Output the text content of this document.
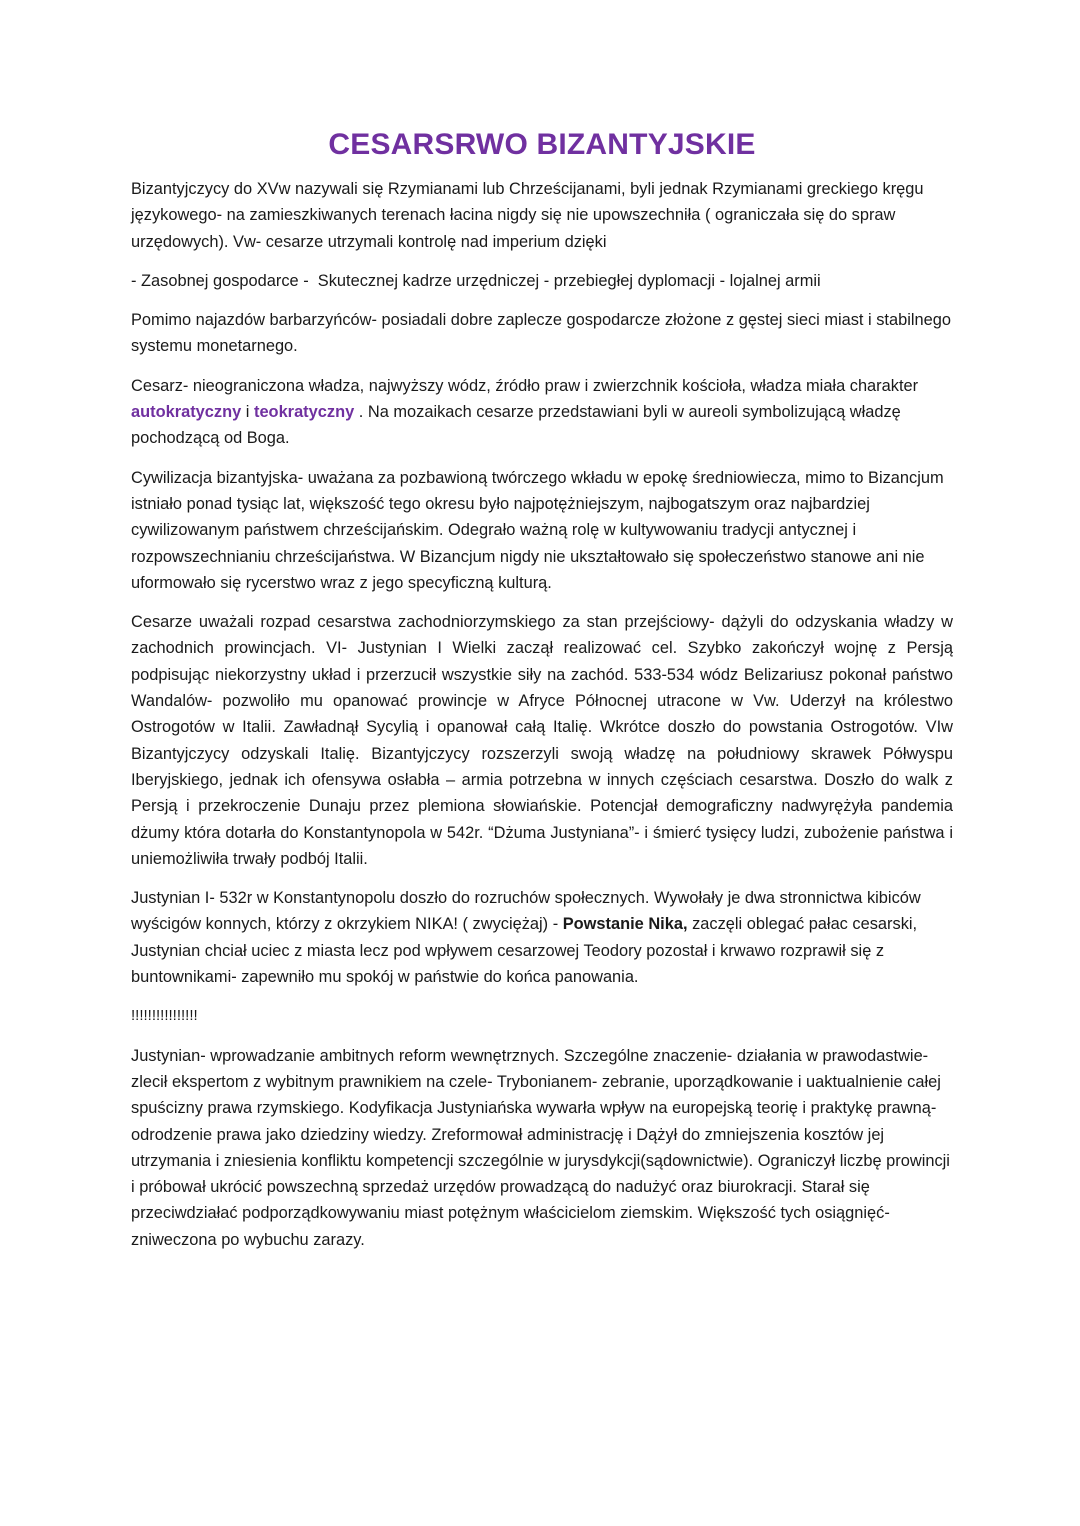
CESARSRWO BIZANTYJSKIE

Bizantyjczycy do XVw nazywali się Rzymianami lub Chrześcijanami, byli jednak Rzymianami greckiego kręgu językowego- na zamieszkiwanych terenach łacina nigdy się nie upowszechniła ( ograniczała się do spraw urzędowych). Vw- cesarze utrzymali kontrolę nad imperium dzięki

- Zasobnej gospodarce -  Skutecznej kadrze urzędniczej - przebiegłej dyplomacji - lojalnej armii

Pomimo najazdów barbarzyńców- posiadali dobre zaplecze gospodarcze złożone z gęstej sieci miast i stabilnego systemu monetarnego.

Cesarz- nieograniczona władza, najwyższy wódz, źródło praw i zwierzchnik kościoła, władza miała charakter autokratyczny i teokratyczny . Na mozaikach cesarze przedstawiani byli w aureoli symbolizującą władzę pochodzącą od Boga.

Cywilizacja bizantyjska- uważana za pozbawioną twórczego wkładu w epokę średniowiecza, mimo to Bizancjum istniało ponad tysiąc lat, większość tego okresu było najpotężniejszym, najbogatszym oraz najbardziej cywilizowanym państwem chrześcijańskim. Odegrało ważną rolę w kultywowaniu tradycji antycznej i rozpowszechnianiu chrześcijaństwa. W Bizancjum nigdy nie ukształtowało się społeczeństwo stanowe ani nie uformowało się rycerstwo wraz z jego specyficzną kulturą.

Cesarze uważali rozpad cesarstwa zachodniorzymskiego za stan przejściowy- dążyli do odzyskania władzy w zachodnich prowincjach. VI- Justynian I Wielki zaczął realizować cel. Szybko zakończył wojnę z Persją podpisując niekorzystny układ i przerzucił wszystkie siły na zachód. 533-534 wódz Belizariusz pokonał państwo Wandalów- pozwoliło mu opanować prowincje w Afryce Północnej utracone w Vw. Uderzył na królestwo Ostrogotów w Italii. Zawładnął Sycylią i opanował całą Italię. Wkrótce doszło do powstania Ostrogotów. VIw Bizantyjczycy odzyskali Italię. Bizantyjczycy rozszerzyli swoją władzę na południowy skrawek Półwyspu Iberyjskiego, jednak ich ofensywa osłabła – armia potrzebna w innych częściach cesarstwa. Doszło do walk z Persją i przekroczenie Dunaju przez plemiona słowiańskie. Potencjał demograficzny nadwyrężyła pandemia dżumy która dotarła do Konstantynopola w 542r. “Dżuma Justyniana”- i śmierć tysięcy ludzi, zubożenie państwa i uniemożliwiła trwały podbój Italii.

Justynian I- 532r w Konstantynopolu doszło do rozruchów społecznych. Wywołały je dwa stronnictwa kibiców wyścigów konnych, którzy z okrzykiem NIKA! ( zwyciężaj) - Powstanie Nika, zaczęli oblegać pałac cesarski, Justynian chciał uciec z miasta lecz pod wpływem cesarzowej Teodory pozostał i krwawo rozprawił się z buntownikami- zapewniło mu spokój w państwie do końca panowania.

!!!!!!!!!!!!!!!!

Justynian- wprowadzanie ambitnych reform wewnętrznych. Szczególne znaczenie- działania w prawodastwie- zlecił ekspertom z wybitnym prawnikiem na czele- Trybonianem- zebranie, uporządkowanie i uaktualnienie całej spuścizny prawa rzymskiego. Kodyfikacja Justyniańska wywarła wpływ na europejską teorię i praktykę prawną- odrodzenie prawa jako dziedziny wiedzy. Zreformował administrację i Dążył do zmniejszenia kosztów jej utrzymania i zniesienia konfliktu kompetencji szczególnie w jurysdykcji(sądownictwie). Ograniczył liczbę prowincji i próbował ukrócić powszechną sprzedaż urzędów prowadzącą do nadużyć oraz biurokracji. Starał się przeciwdziałać podporządkowywaniu miast potężnym właścicielom ziemskim. Większość tych osiągnięć- zniweczona po wybuchu zarazy.
